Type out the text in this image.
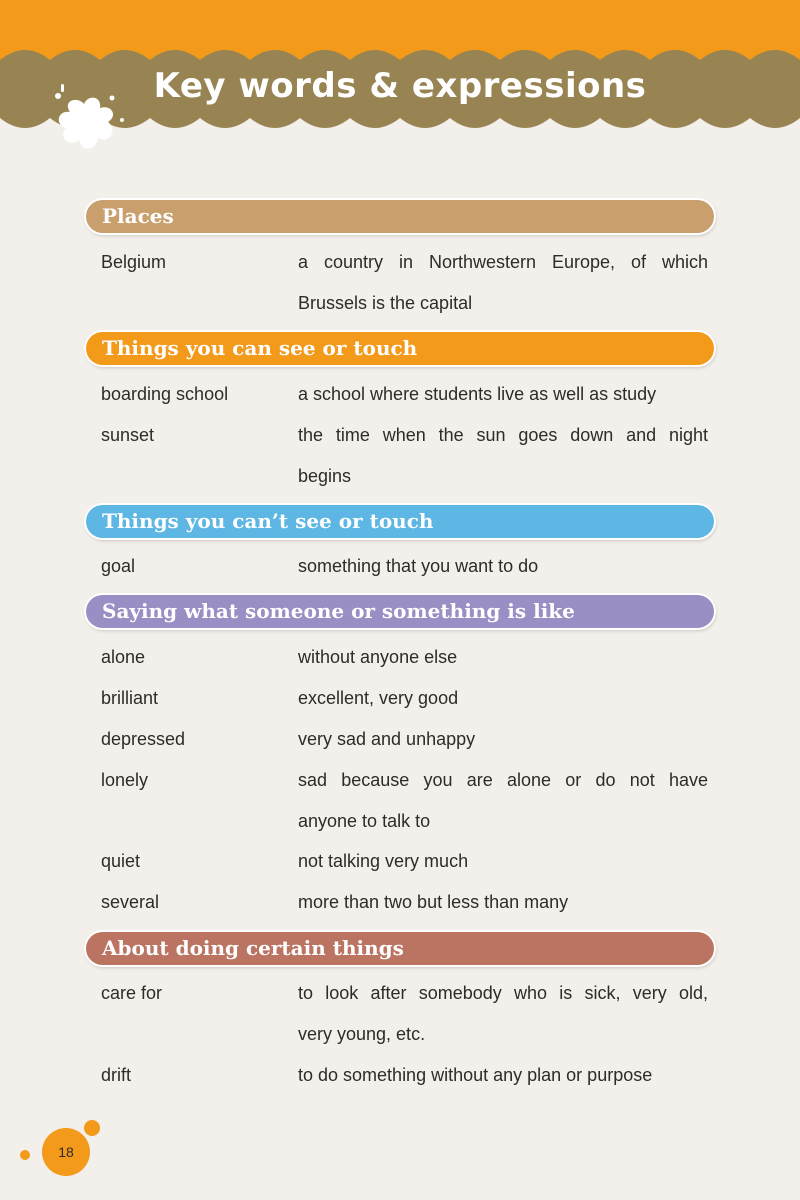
Key words & expressions
Places
Belgium	a country in Northwestern Europe, of which
Brussels is the capital
Things you can see or touch
boarding school	a school where students live as well as study
sunset	the time when the sun goes down and night
begins
Things you can’t see or touch
goal	something that you want to do
Saying what someone or something is like
alone	without anyone else
brilliant	excellent, very good
depressed	very sad and unhappy
lonely	sad because you are alone or do not have
anyone to talk to
quiet	not talking very much
several	more than two but less than many
About doing certain things
care for	to look after somebody who is sick, very old,
very young, etc.
drift	to do something without any plan or purpose
18
